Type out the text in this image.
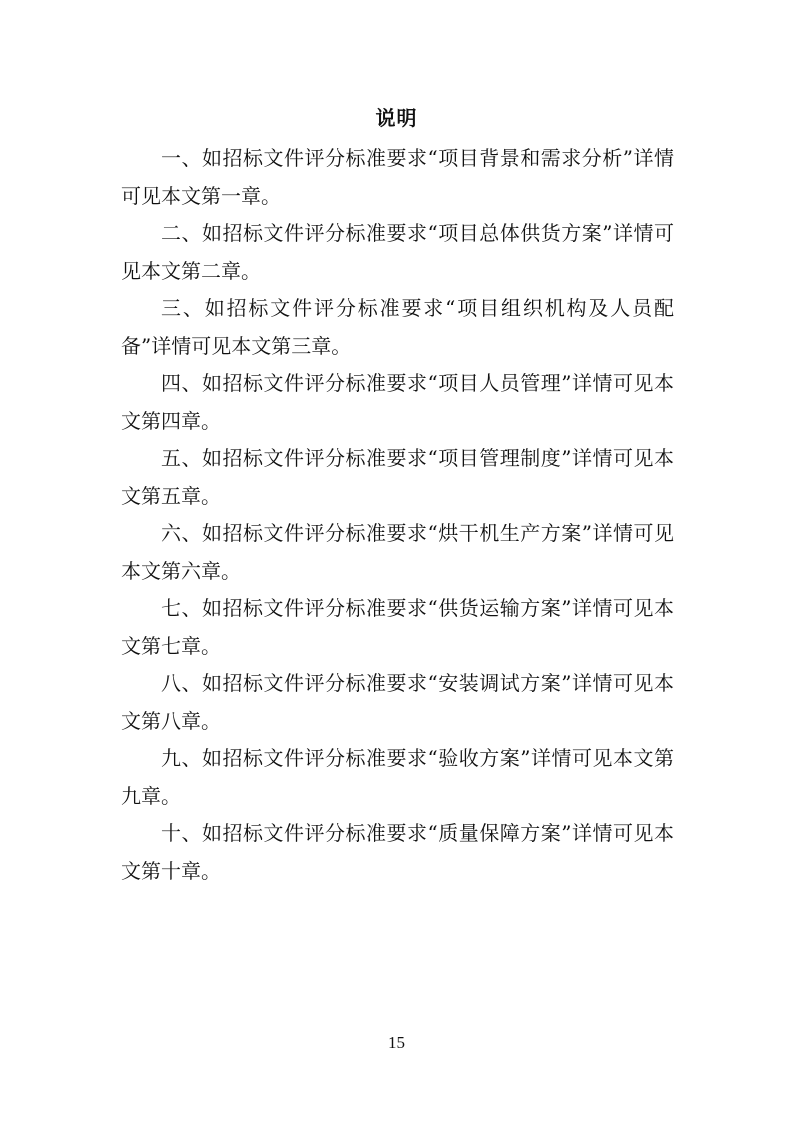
说明

一、如招标文件评分标准要求“项目背景和需求分析”详情可见本文第一章。

二、如招标文件评分标准要求“项目总体供货方案”详情可见本文第二章。

三、如招标文件评分标准要求“项目组织机构及人员配备”详情可见本文第三章。

四、如招标文件评分标准要求“项目人员管理”详情可见本文第四章。

五、如招标文件评分标准要求“项目管理制度”详情可见本文第五章。

六、如招标文件评分标准要求“烘干机生产方案”详情可见本文第六章。

七、如招标文件评分标准要求“供货运输方案”详情可见本文第七章。

八、如招标文件评分标准要求“安装调试方案”详情可见本文第八章。

九、如招标文件评分标准要求“验收方案”详情可见本文第九章。

十、如招标文件评分标准要求“质量保障方案”详情可见本文第十章。

15
